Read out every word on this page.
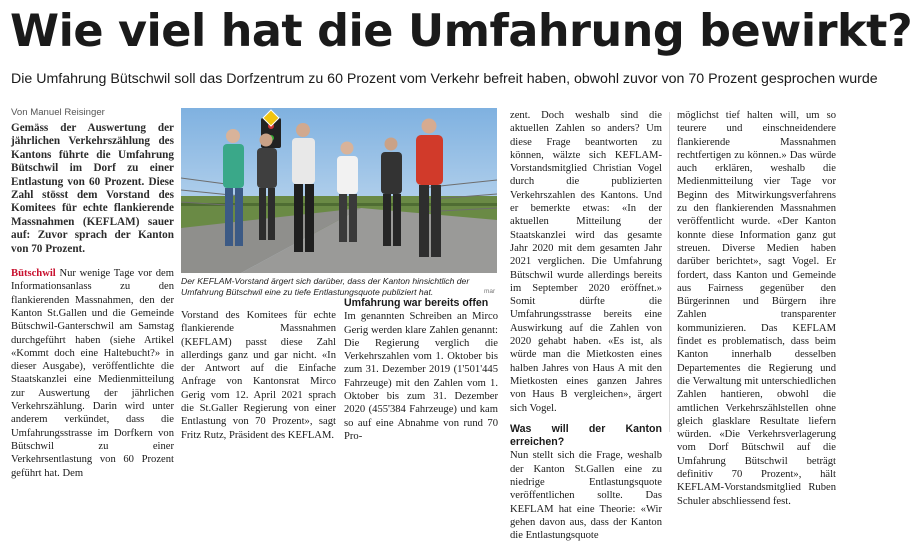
Wie viel hat die Umfahrung bewirkt?
Die Umfahrung Bütschwil soll das Dorfzentrum zu 60 Prozent vom Verkehr befreit haben, obwohl zuvor von 70 Prozent gesprochen wurde
Von Manuel Reisinger

Gemäss der Auswertung der jährlichen Verkehrszählung des Kantons führte die Umfahrung Bütschwil im Dorf zu einer Entlastung von 60 Prozent. Diese Zahl stösst dem Vorstand des Komitees für echte flankierende Massnahmen (KEFLAM) sauer auf: Zuvor sprach der Kanton von 70 Prozent.

Bütschwil Nur wenige Tage vor dem Informationsanlass zu den flankierenden Massnahmen, den der Kanton St.Gallen und die Gemeinde Bütschwil-Ganterschwil am Samstag durchgeführt haben (siehe Artikel «Kommt doch eine Haltebucht?» in dieser Ausgabe), veröffentlichte die Staatskanzlei eine Medienmitteilung zur Auswertung der jährlichen Verkehrszählung. Darin wird unter anderem verkündet, dass die Umfahrungsstrasse im Dorfkern von Bütschwil zu einer Verkehrsentlastung von 60 Prozent geführt hat. Dem

Der KEFLAM-Vorstand ärgert sich darüber, dass der Kanton hinsichtlich der Umfahrung Bütschwil eine zu tiefe Entlastungsquote publiziert hat.	mar

Vorstand des Komitees für echte flankierende Massnahmen (KEFLAM) passt diese Zahl allerdings ganz und gar nicht. «In der Antwort auf die Einfache Anfrage von Kantonsrat Mirco Gerig vom 12. April 2021 sprach die St.Galler Regierung von einer Entlastung von 70 Prozent», sagt Fritz Rutz, Präsident des KEFLAM.

Umfahrung war bereits offen

Im genannten Schreiben an Mirco Gerig werden klare Zahlen genannt: Die Regierung verglich die Verkehrszahlen vom 1. Oktober bis zum 31. Dezember 2019 (1'501'445 Fahrzeuge) mit den Zahlen vom 1. Oktober bis zum 31. Dezember 2020 (455'384 Fahrzeuge) und kam so auf eine Abnahme von rund 70 Pro-

zent. Doch weshalb sind die aktuellen Zahlen so anders? Um diese Frage beantworten zu können, wälzte sich KEFLAM-Vorstandsmitglied Christian Vogel durch die publizierten Verkehrszahlen des Kantons. Und er bemerkte etwas: «In der aktuellen Mitteilung der Staatskanzlei wird das gesamte Jahr 2020 mit dem gesamten Jahr 2021 verglichen. Die Umfahrung Bütschwil wurde allerdings bereits im September 2020 eröffnet.» Somit dürfte die Umfahrungsstrasse bereits eine Auswirkung auf die Zahlen von 2020 gehabt haben. «Es ist, als würde man die Mietkosten eines halben Jahres von Haus A mit den Mietkosten eines ganzen Jahres von Haus B vergleichen», ärgert sich Vogel.

Was will der Kanton erreichen?

Nun stellt sich die Frage, weshalb der Kanton St.Gallen eine zu niedrige Entlastungsquote veröffentlichen sollte. Das KEFLAM hat eine Theorie: «Wir gehen davon aus, dass der Kanton die Entlastungsquote

möglichst tief halten will, um so teurere und einschneidendere flankierende Massnahmen rechtfertigen zu können.» Das würde auch erklären, weshalb die Medienmitteilung vier Tage vor Beginn des Mitwirkungsverfahrens zu den flankierenden Massnahmen veröffentlicht wurde. «Der Kanton konnte diese Information ganz gut streuen. Diverse Medien haben darüber berichtet», sagt Vogel. Er fordert, dass Kanton und Gemeinde aus Fairness gegenüber den Bürgerinnen und Bürgern ihre Zahlen transparenter kommunizieren. Das KEFLAM findet es problematisch, dass beim Kanton innerhalb desselben Departementes die Regierung und die Verwaltung mit unterschiedlichen Zahlen hantieren, obwohl die amtlichen Verkehrszählstellen ohne gleich glasklare Resultate liefern würden. «Die Verkehrsverlagerung vom Dorf Bütschwil auf die Umfahrung Bütschwil beträgt definitiv 70 Prozent», hält KEFLAM-Vorstandsmitglied Ruben Schuler abschliessend fest.
